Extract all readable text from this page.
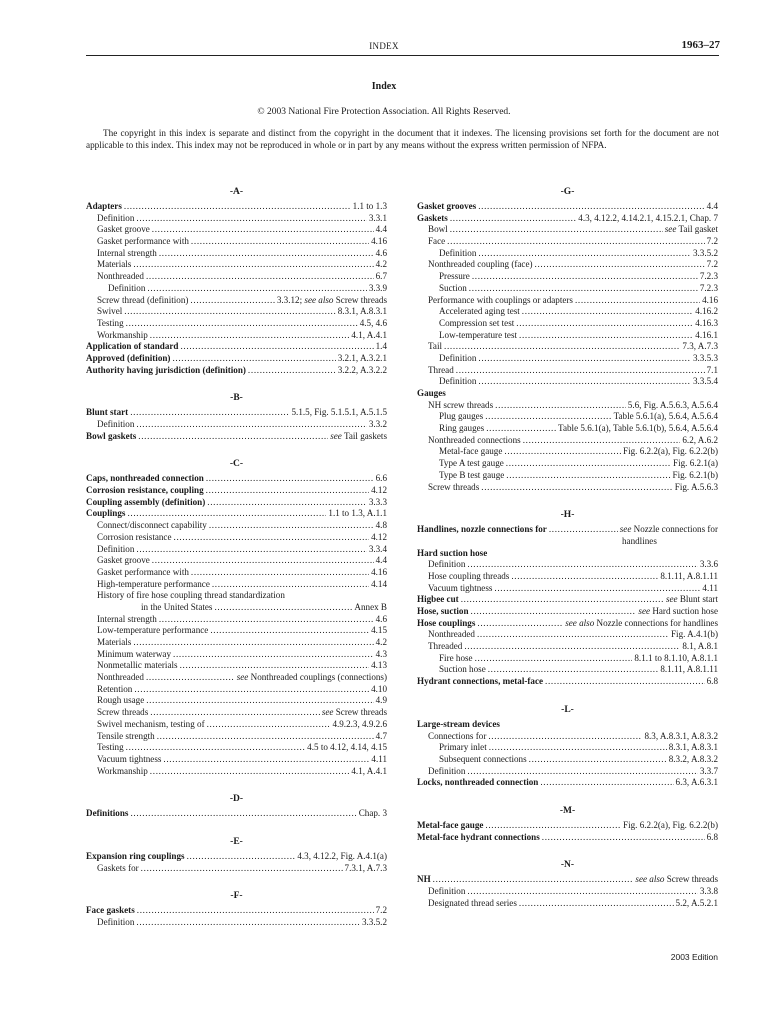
INDEX	1963–27
Index
© 2003 National Fire Protection Association. All Rights Reserved.
The copyright in this index is separate and distinct from the copyright in the document that it indexes. The licensing provisions set forth for the document are not applicable to this index. This index may not be reproduced in whole or in part by any means without the express written permission of NFPA.
-A-
Adapters . . .	1.1 to 1.3
Definition . . .	3.3.1
Gasket groove . . .	4.4
Gasket performance with . . .	4.16
Internal strength . . .	4.6
Materials . . .	4.2
Nonthreaded . . .	6.7
Definition . . .	3.3.9
Screw thread (definition) . . .	3.3.12; see also Screw threads
Swivel . . .	8.3.1, A.8.3.1
Testing . . .	4.5, 4.6
Workmanship . . .	4.1, A.4.1
Application of standard . . .	1.4
Approved (definition) . . .	3.2.1, A.3.2.1
Authority having jurisdiction (definition) . . .	3.2.2, A.3.2.2
-B-
Blunt start . . .	5.1.5, Fig. 5.1.5.1, A.5.1.5
Definition . . .	3.3.2
Bowl gaskets . . .	see Tail gaskets
-C-
Caps, nonthreaded connection . . .	6.6
Corrosion resistance, coupling . . .	4.12
Coupling assembly (definition) . . .	3.3.3
Couplings . . .	1.1 to 1.3, A.1.1
Connect/disconnect capability . . .	4.8
Corrosion resistance . . .	4.12
Definition . . .	3.3.4
Gasket groove . . .	4.4
Gasket performance with . . .	4.16
High-temperature performance . . .	4.14
History of fire hose coupling thread standardization
in the United States . . .	Annex B
Internal strength . . .	4.6
Low-temperature performance . . .	4.15
Materials . . .	4.2
Minimum waterway . . .	4.3
Nonmetallic materials . . .	4.13
Nonthreaded . . .	see Nonthreaded couplings (connections)
Retention . . .	4.10
Rough usage . . .	4.9
Screw threads . . .	see Screw threads
Swivel mechanism, testing of . . .	4.9.2.3, 4.9.2.6
Tensile strength . . .	4.7
Testing . . .	4.5 to 4.12, 4.14, 4.15
Vacuum tightness . . .	4.11
Workmanship . . .	4.1, A.4.1
-D-
Definitions . . .	Chap. 3
-E-
Expansion ring couplings . . .	4.3, 4.12.2, Fig. A.4.1(a)
Gaskets for . . .	7.3.1, A.7.3
-F-
Face gaskets . . .	7.2
Definition . . .	3.3.5.2
-G-
Gasket grooves . . .	4.4
Gaskets . . .	4.3, 4.12.2, 4.14.2.1, 4.15.2.1, Chap. 7
Bowl . . .	see Tail gasket
Face . . .	7.2
Definition . . .	3.3.5.2
Nonthreaded coupling (face) . . .	7.2
Pressure . . .	7.2.3
Suction . . .	7.2.3
Performance with couplings or adapters . . .	4.16
Accelerated aging test . . .	4.16.2
Compression set test . . .	4.16.3
Low-temperature test . . .	4.16.1
Tail . . .	7.3, A.7.3
Definition . . .	3.3.5.3
Thread . . .	7.1
Definition . . .	3.3.5.4
Gauges
NH screw threads . . .	5.6, Fig. A.5.6.3, A.5.6.4
Plug gauges . . .	Table 5.6.1(a), 5.6.4, A.5.6.4
Ring gauges . . .	Table 5.6.1(a), Table 5.6.1(b), 5.6.4, A.5.6.4
Nonthreaded connections . . .	6.2, A.6.2
Metal-face gauge . . .	Fig. 6.2.2(a), Fig. 6.2.2(b)
Type A test gauge . . .	Fig. 6.2.1(a)
Type B test gauge . . .	Fig. 6.2.1(b)
Screw threads . . .	Fig. A.5.6.3
-H-
Handlines, nozzle connections for . . .	see Nozzle connections for
handlines
Hard suction hose
Definition . . .	3.3.6
Hose coupling threads . . .	8.1.11, A.8.1.11
Vacuum tightness . . .	4.11
Higbee cut . . .	see Blunt start
Hose, suction . . .	see Hard suction hose
Hose couplings . . .	see also Nozzle connections for handlines
Nonthreaded . . .	Fig. A.4.1(b)
Threaded . . .	8.1, A.8.1
Fire hose . . .	8.1.1 to 8.1.10, A.8.1.1
Suction hose . . .	8.1.11, A.8.1.11
Hydrant connections, metal-face . . .	6.8
-L-
Large-stream devices
Connections for . . .	8.3, A.8.3.1, A.8.3.2
Primary inlet . . .	8.3.1, A.8.3.1
Subsequent connections . . .	8.3.2, A.8.3.2
Definition . . .	3.3.7
Locks, nonthreaded connection . . .	6.3, A.6.3.1
-M-
Metal-face gauge . . .	Fig. 6.2.2(a), Fig. 6.2.2(b)
Metal-face hydrant connections . . .	6.8
-N-
NH . . .	see also Screw threads
Definition . . .	3.3.8
Designated thread series . . .	5.2, A.5.2.1
2003 Edition
